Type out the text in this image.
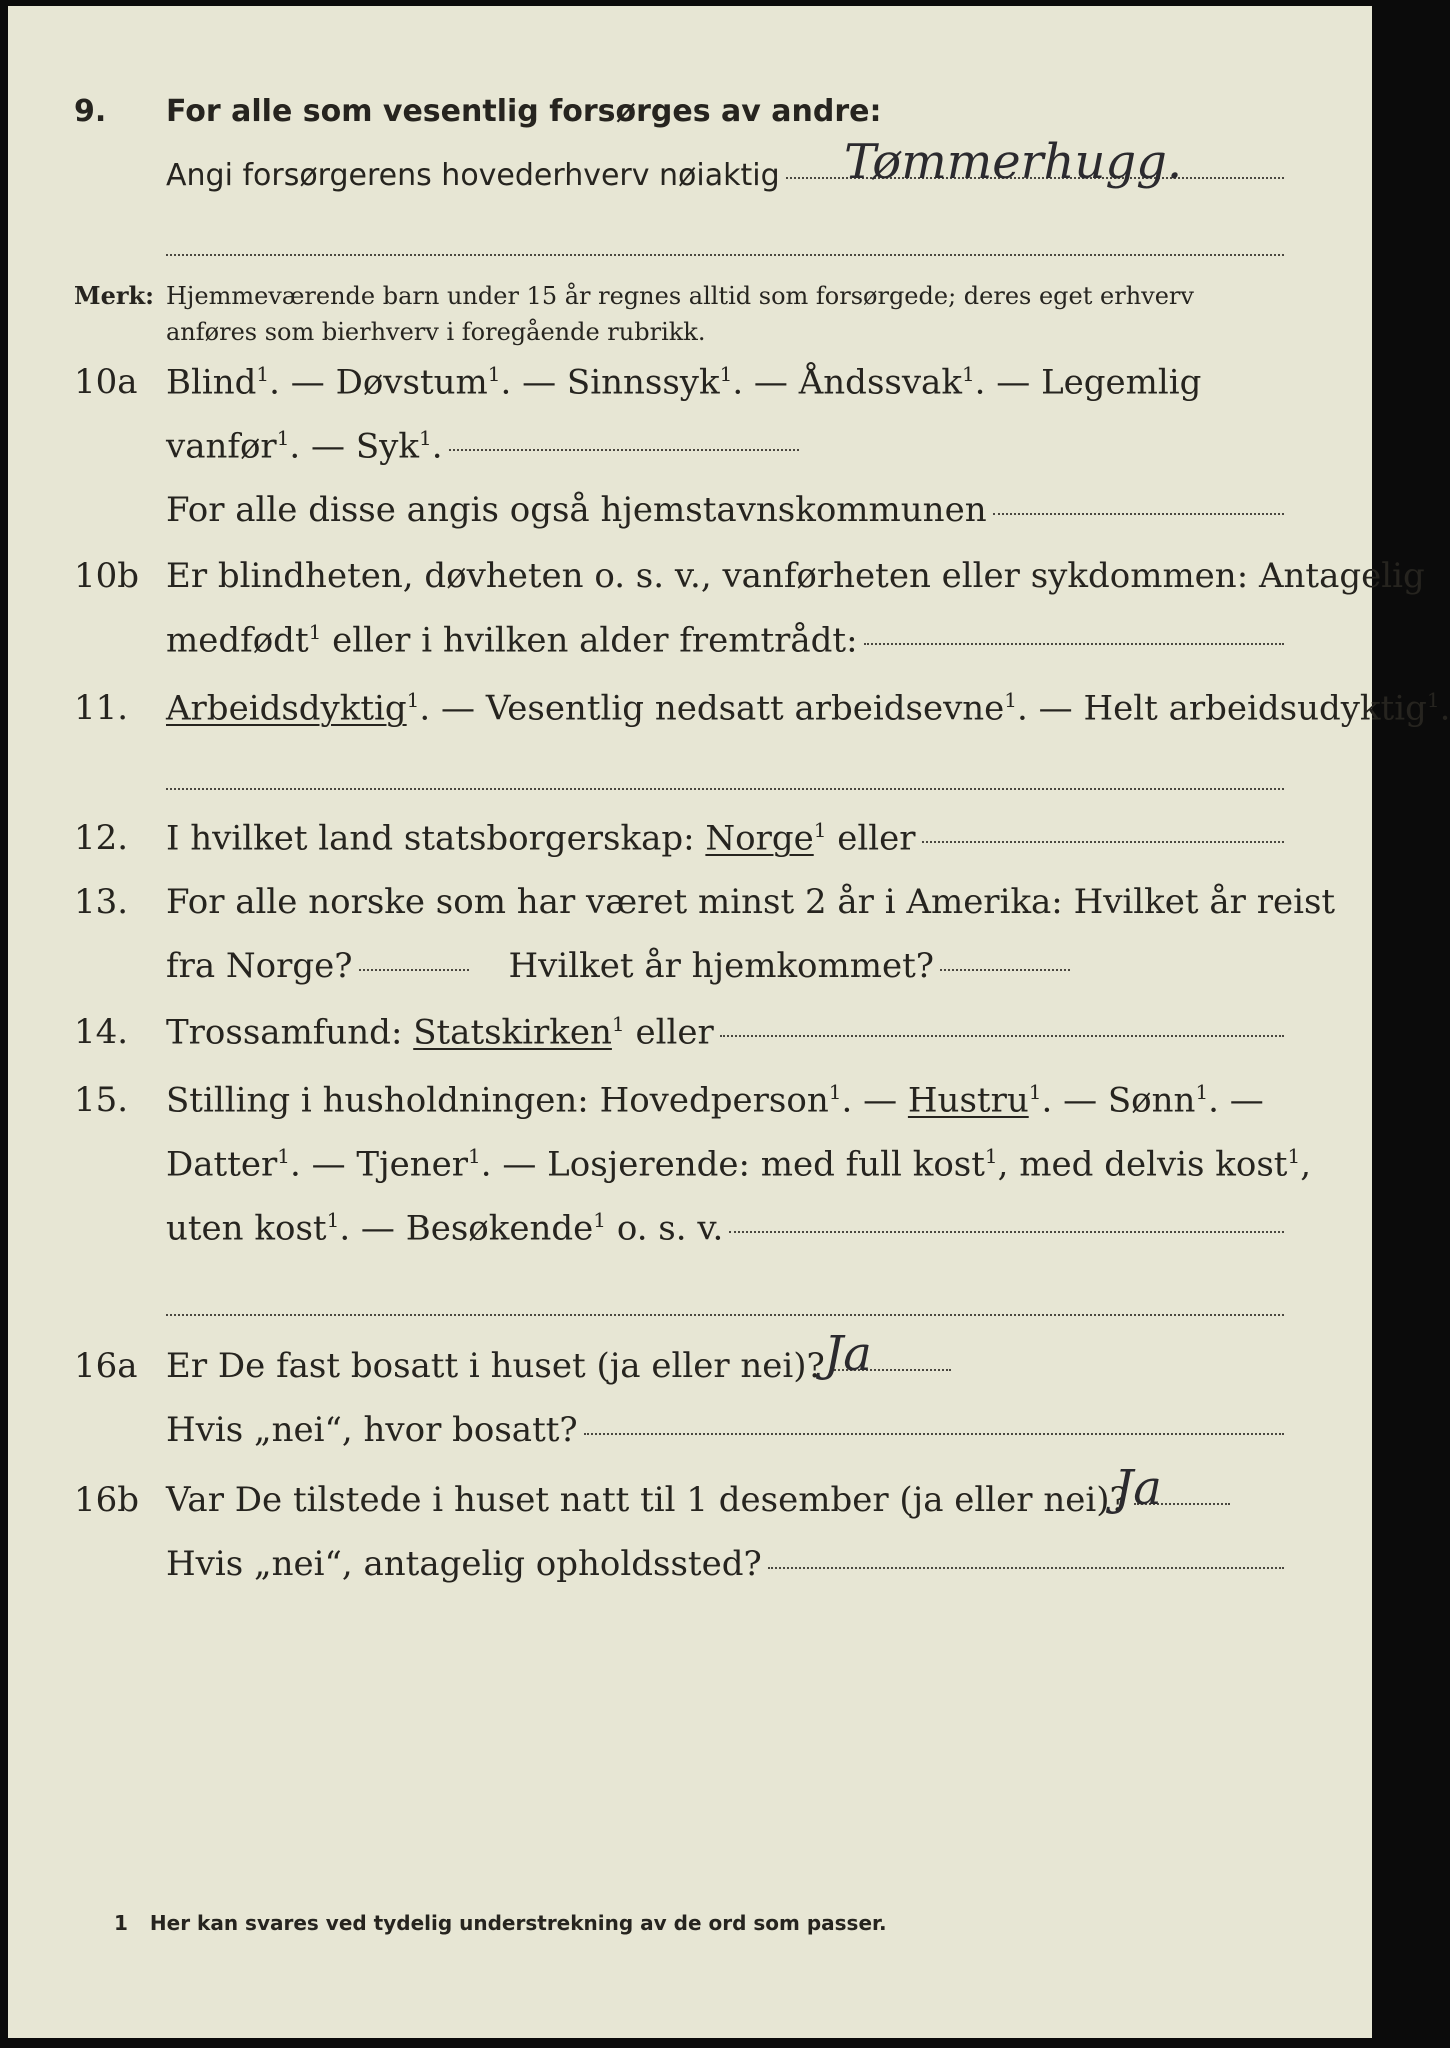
9.	For alle som vesentlig forsørges av andre:
Angi forsørgerens hovederhverv nøiaktig Tømmerhugg.
Merk: Hjemmeværende barn under 15 år regnes alltid som forsørgede; deres eget erhverv
anføres som bierhverv i foregående rubrikk.
10a Blind$^1$. — Døvstum$^1$. — Sinnssyk$^1$. — Åndssvak$^1$. — Legemlig
vanfør$^1$. — Syk$^1$.
For alle disse angis også hjemstavnskommunen
10b Er blindheten, døvheten o. s. v., vanførheten eller sykdommen: Antagelig
medfødt$^1$ eller i hvilken alder fremtrådt:
11.	Arbeidsdyktig$^1$. — Vesentlig nedsatt arbeidsevne$^1$. — Helt arbeidsudyktig$^1$.
12.	I hvilket land statsborgerskap: Norge$^1$ eller
13.	For alle norske som har været minst 2 år i Amerika: Hvilket år reist
fra Norge?	Hvilket år hjemkommet?
14.	Trossamfund: Statskirken$^1$ eller
15.	Stilling i husholdningen: Hovedperson$^1$. — Hustru$^1$. — Sønn$^1$. —
Datter$^1$. — Tjener$^1$. — Losjerende: med full kost$^1$, med delvis kost$^1$,
uten kost$^1$. — Besøkende$^1$ o. s. v.
16a Er De fast bosatt i huset (ja eller nei)? Ja
Hvis „nei“, hvor bosatt?
16b Var De tilstede i huset natt til 1 desember (ja eller nei)?
Ja
Hvis „nei“, antagelig opholdssted?
1 Her kan svares ved tydelig understrekning av de ord som passer.
